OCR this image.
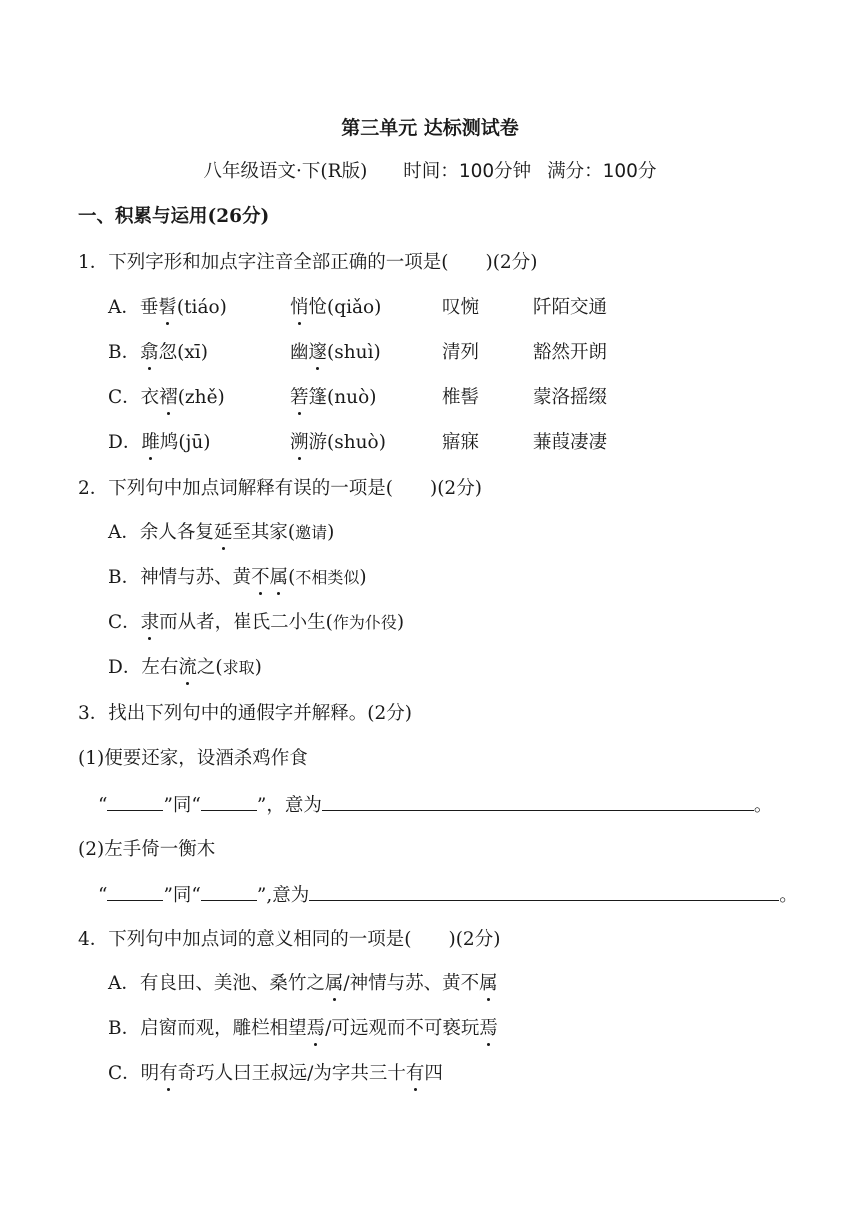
第三单元 达标测试卷
八年级语文·下(R版) 时间：100分钟 满分：100分
一、积累与运用(26分)
1．下列字形和加点字注音全部正确的一项是(　　)(2分)
A．垂髫(tiáo)	悄怆(qiǎo)	叹惋	阡陌交通
B．翕忽(xī)	幽邃(shuì)	清列	豁然开朗
C．衣褶(zhě)	箬篷(nuò)	椎髻	蒙洛摇缀
D．雎鸠(jū)	溯游(shuò)	寤寐	蒹葭凄凄
2．下列句中加点词解释有误的一项是(　　)(2分)
A．余人各复延至其家(邀请)
B．神情与苏、黄不属(不相类似)
C．隶而从者，崔氏二小生(作为仆役)
D．左右流之(求取)
3．找出下列句中的通假字并解释。(2分)
(1)便要还家，设酒杀鸡作食
“	”同“	”，意为	。
(2)左手倚一衡木
“	”同“	”,意为	。
4．下列句中加点词的意义相同的一项是(　　)(2分)
A．有良田、美池、桑竹之属/神情与苏、黄不属
B．启窗而观，雕栏相望焉/可远观而不可亵玩焉
C．明有奇巧人曰王叔远/为字共三十有四
